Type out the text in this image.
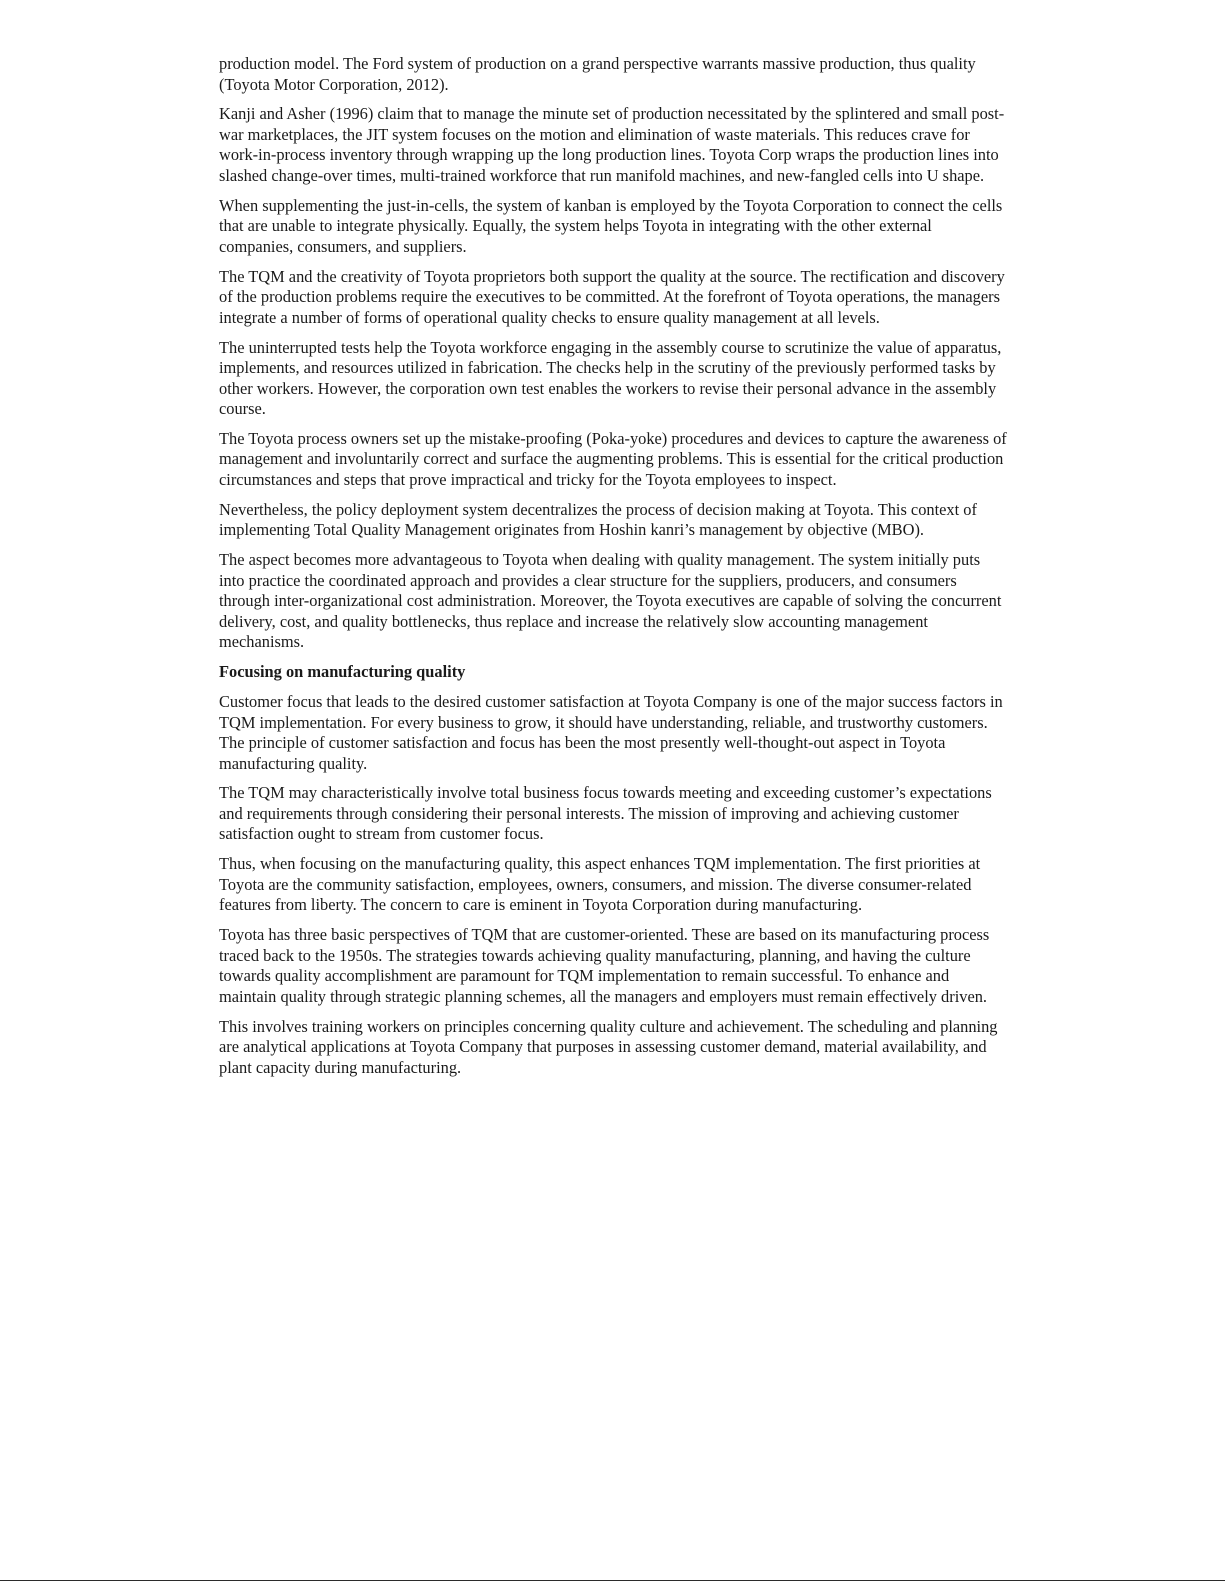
production model. The Ford system of production on a grand perspective warrants massive production, thus quality (Toyota Motor Corporation, 2012).

Kanji and Asher (1996) claim that to manage the minute set of production necessitated by the splintered and small post-war marketplaces, the JIT system focuses on the motion and elimination of waste materials. This reduces crave for work-in-process inventory through wrapping up the long production lines. Toyota Corp wraps the production lines into slashed change-over times, multi-trained workforce that run manifold machines, and new-fangled cells into U shape.

When supplementing the just-in-cells, the system of kanban is employed by the Toyota Corporation to connect the cells that are unable to integrate physically. Equally, the system helps Toyota in integrating with the other external companies, consumers, and suppliers.

The TQM and the creativity of Toyota proprietors both support the quality at the source. The rectification and discovery of the production problems require the executives to be committed. At the forefront of Toyota operations, the managers integrate a number of forms of operational quality checks to ensure quality management at all levels.

The uninterrupted tests help the Toyota workforce engaging in the assembly course to scrutinize the value of apparatus, implements, and resources utilized in fabrication. The checks help in the scrutiny of the previously performed tasks by other workers. However, the corporation own test enables the workers to revise their personal advance in the assembly course.

The Toyota process owners set up the mistake-proofing (Poka-yoke) procedures and devices to capture the awareness of management and involuntarily correct and surface the augmenting problems. This is essential for the critical production circumstances and steps that prove impractical and tricky for the Toyota employees to inspect.

Nevertheless, the policy deployment system decentralizes the process of decision making at Toyota. This context of implementing Total Quality Management originates from Hoshin kanri’s management by objective (MBO).

The aspect becomes more advantageous to Toyota when dealing with quality management. The system initially puts into practice the coordinated approach and provides a clear structure for the suppliers, producers, and consumers through inter-organizational cost administration. Moreover, the Toyota executives are capable of solving the concurrent delivery, cost, and quality bottlenecks, thus replace and increase the relatively slow accounting management mechanisms.

Focusing on manufacturing quality

Customer focus that leads to the desired customer satisfaction at Toyota Company is one of the major success factors in TQM implementation. For every business to grow, it should have understanding, reliable, and trustworthy customers. The principle of customer satisfaction and focus has been the most presently well-thought-out aspect in Toyota manufacturing quality.

The TQM may characteristically involve total business focus towards meeting and exceeding customer’s expectations and requirements through considering their personal interests. The mission of improving and achieving customer satisfaction ought to stream from customer focus.

Thus, when focusing on the manufacturing quality, this aspect enhances TQM implementation. The first priorities at Toyota are the community satisfaction, employees, owners, consumers, and mission. The diverse consumer-related features from liberty. The concern to care is eminent in Toyota Corporation during manufacturing.

Toyota has three basic perspectives of TQM that are customer-oriented. These are based on its manufacturing process traced back to the 1950s. The strategies towards achieving quality manufacturing, planning, and having the culture towards quality accomplishment are paramount for TQM implementation to remain successful. To enhance and maintain quality through strategic planning schemes, all the managers and employers must remain effectively driven.

This involves training workers on principles concerning quality culture and achievement. The scheduling and planning are analytical applications at Toyota Company that purposes in assessing customer demand, material availability, and plant capacity during manufacturing.
